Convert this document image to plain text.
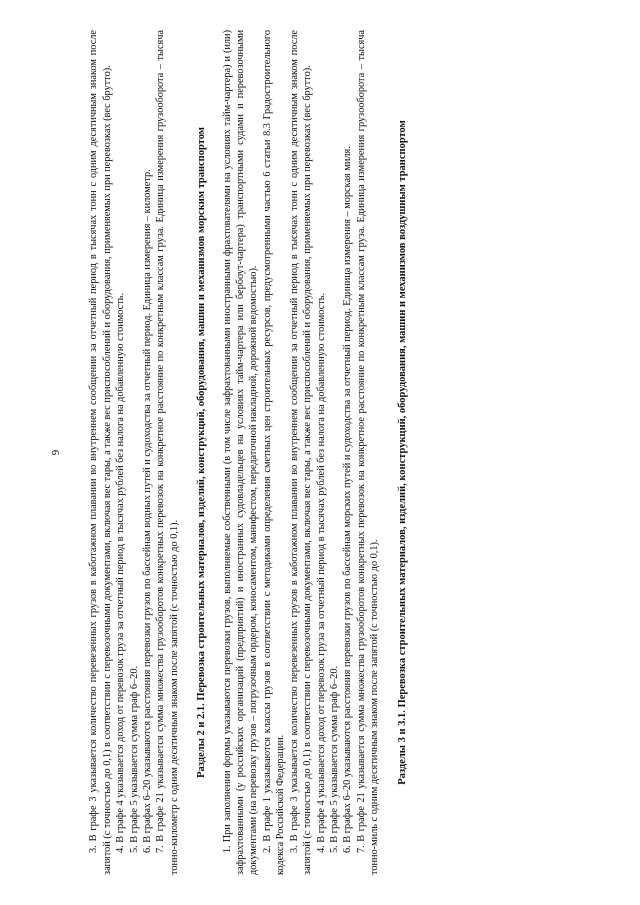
9	3. В графе 3 указывается количество перевезенных грузов в каботажном плавании во внутреннем сообщении за отчетный период в тысячах тонн с одним десятичным знаком после запятой (с точностью до 0,1) в соответствии с перевозочными документами, включая вес тары, а также вес приспособлений и оборудования, применяемых при перевозках (вес брутто). 4. В графе 4 указывается доход от перевозок груза за отчетный период в тысячах рублей без налога на добавленную стоимость. 5. В графе 5 указывается сумма граф 6–20. 6. В графах 6–20 указываются расстояния перевозки грузов по бассейнам водных путей и судоходства за отчетный период. Единица измерения – километр. 7. В графе 21 указывается сумма множества грузооборотов конкретных перевозок на конкретное расстояние по конкретным классам груза. Единица измерения грузооборота – тысяча тонно-километр с одним десятичным знаком после запятой (с точностью до 0,1). Разделы 2 и 2.1. Перевозка строительных материалов, изделий, конструкций, оборудования, машин и механизмов морским транспортом 1. При заполнении формы указываются перевозки грузов, выполняемые собственными (в том числе зафрахтованными иностранными фрахтователями на условиях тайм-чартера) и (или) зафрахтованными (у российских организаций (предприятий) и иностранных судовладельцев на условиях тайм-чартера или бербоут-чартера) транспортными судами и перевозочными документами (на перевозку грузов – погрузочным ордером, коносаментом, манифестом, передаточной накладной, дорожной ведомостью). 2. В графе 1 указываются классы грузов в соответствии с методиками определения сметных цен строительных ресурсов, предусмотренными частью 6 статьи 8.3 Градостроительного кодекса Российской Федерации. 3. В графе 3 указывается количество перевезенных грузов в каботажном плавании во внутреннем сообщении за отчетный период в тысячах тонн с одним десятичным знаком после запятой (с точностью до 0,1) в соответствии с перевозочными документами, включая вес тары, а также вес приспособлений и оборудования, применяемых при перевозках (вес брутто). 4. В графе 4 указывается доход от перевозок груза за отчетный период в тысячах рублей без налога на добавленную стоимость. 5. В графе 5 указывается сумма граф 6–20. 6. В графах 6–20 указываются расстояния перевозки грузов по бассейнам морских путей и судоходства за отчетный период. Единица измерения – морская миля. 7. В графе 21 указывается сумма множества грузооборотов конкретных перевозок на конкретное расстояние по конкретным классам груза. Единица измерения грузооборота – тысяча тонно-миль с одним десятичным знаком после запятой (с точностью до 0,1). Разделы 3 и 3.1. Перевозка строительных материалов, изделий, конструкций, оборудования, машин и механизмов воздушным транспортом
